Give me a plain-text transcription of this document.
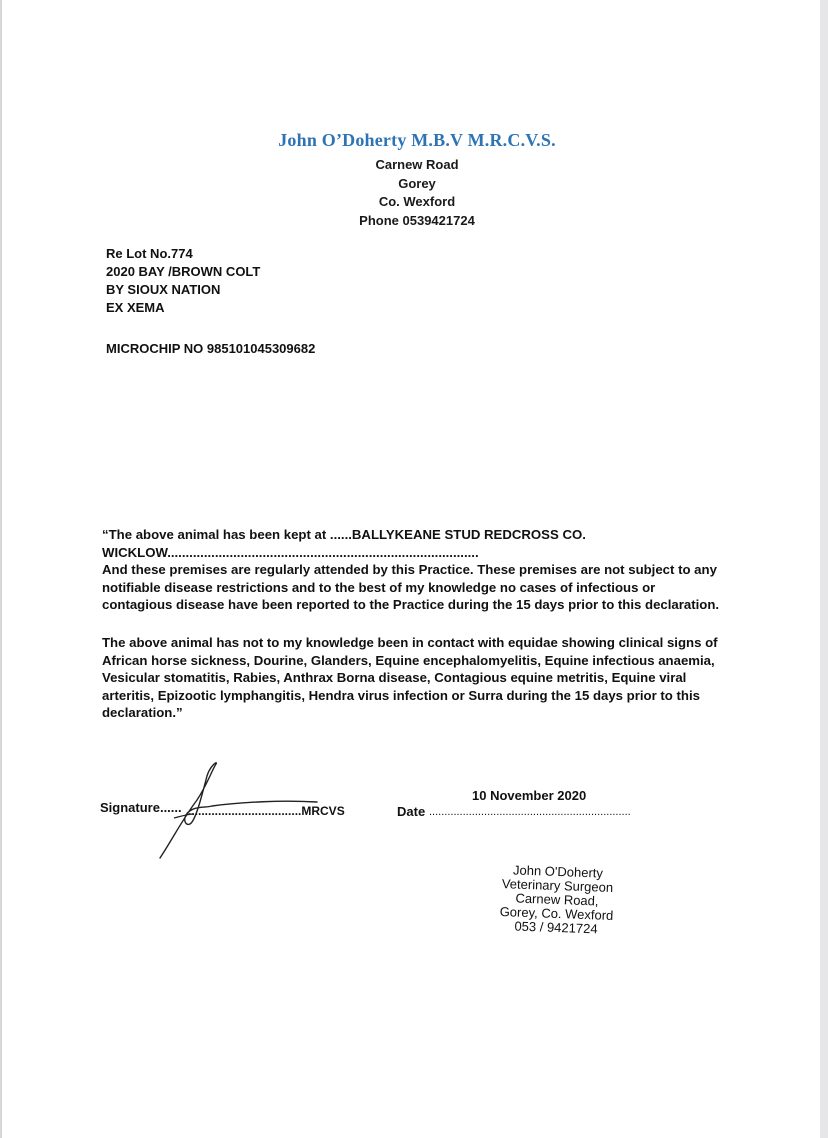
John O’Doherty M.B.V M.R.C.V.S.
Carnew Road
Gorey
Co. Wexford
Phone 0539421724
Re Lot No.774
2020 BAY /BROWN COLT
BY SIOUX NATION
EX XEMA
MICROCHIP NO 985101045309682
“The above animal has been kept at ......BALLYKEANE STUD REDCROSS CO.
WICKLOW.....................................................................................
And these premises are regularly attended by this Practice. These premises are not subject to any
notifiable disease restrictions and to the best of my knowledge no cases of infectious or
contagious disease have been reported to the Practice during the 15 days prior to this declaration.
The above animal has not to my knowledge been in contact with equidae showing clinical signs of
African horse sickness, Dourine, Glanders, Equine encephalomyelitis, Equine infectious anaemia,
Vesicular stomatitis, Rabies, Anthrax Borna disease, Contagious equine metritis, Equine viral
arteritis, Epizootic lymphangitis, Hendra virus infection or Surra during the 15 days prior to this
declaration.”
Signature...... ..................................MRCVS	Date ..................................................................
10 November 2020
John O'Doherty
Veterinary Surgeon
Carnew Road,
Gorey, Co. Wexford
053 / 9421724
